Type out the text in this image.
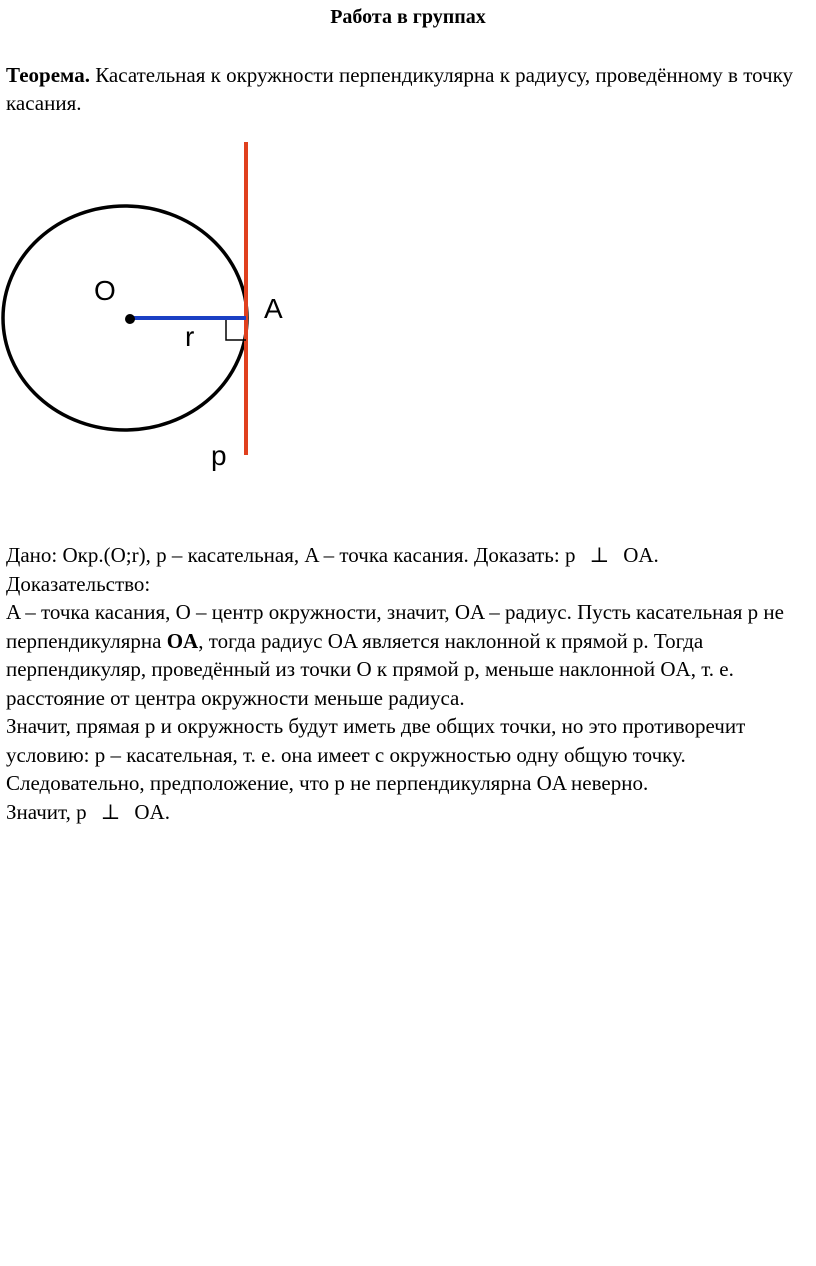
Работа в группах
Теорема. Касательная к окружности перпендикулярна к радиусу, проведённому в точку касания.
O
r
A
p

Дано: Окр.(O;r), p – касательная, A – точка касания. Доказать: p ⊥ OA.

Доказательство:

A – точка касания, O – центр окружности, значит, OA – радиус. Пусть касательная p не перпендикулярна OA, тогда радиус OA является наклонной к прямой p. Тогда перпендикуляр, проведённый из точки O к прямой p, меньше наклонной OA, т. е. расстояние от центра окружности меньше радиуса.

Значит, прямая p и окружность будут иметь две общих точки, но это противоречит условию: p – касательная, т. е. она имеет с окружностью одну общую точку. Следовательно, предположение, что p не перпендикулярна OA неверно.

Значит, p ⊥ OA.
